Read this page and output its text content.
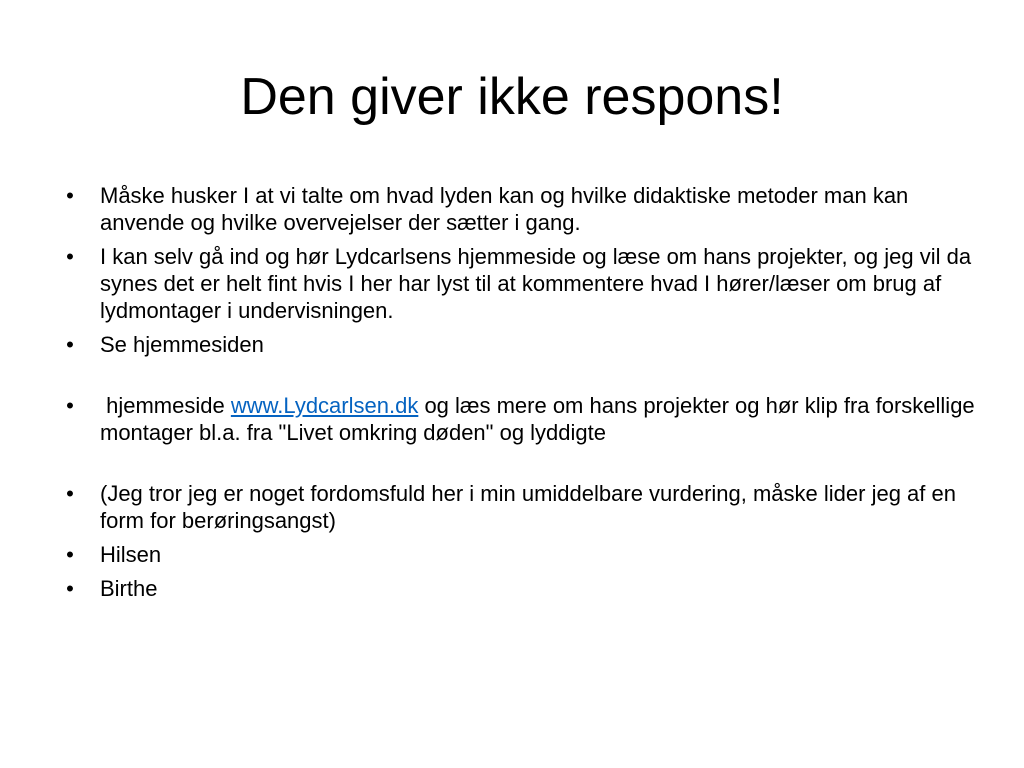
Den giver ikke respons!
• Måske husker I at vi talte om hvad lyden kan og hvilke didaktiske metoder man kan anvende og hvilke overvejelser der sætter i gang.
• I kan selv gå ind og hør Lydcarlsens hjemmeside og læse om hans projekter, og jeg vil da synes det er helt fint hvis I her har lyst til at kommentere hvad I hører/læser om brug af lydmontager i undervisningen.
• Se hjemmesiden
• hjemmeside www.Lydcarlsen.dk og læs mere om hans projekter og hør klip fra forskellige montager bl.a. fra "Livet omkring døden" og lyddigte
• (Jeg tror jeg er noget fordomsfuld her i min umiddelbare vurdering, måske lider jeg af en form for berøringsangst)
• Hilsen
• Birthe
